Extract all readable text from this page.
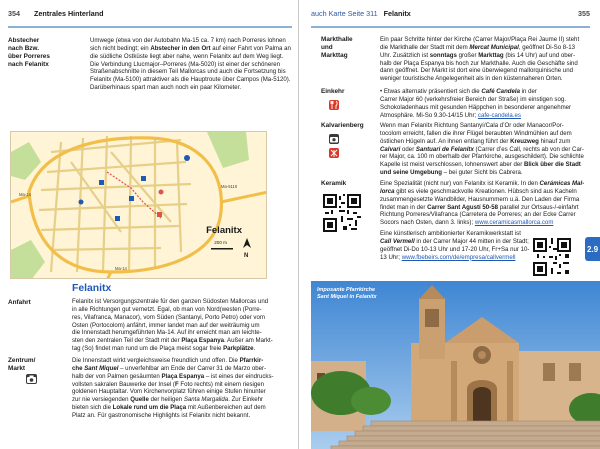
354 Zentrales Hinterland
Abstecher
nach Bzw.
über Porreres
nach Felanitx
Umwege (etwa von der Autobahn Ma-15 ca. 7 km) nach Porreres lohnen
sich nicht bedingt; ein Abstecher in den Ort auf einer Fahrt von Palma an
die südliche Ostküste liegt aber nahe, wenn Felanitx auf dem Weg liegt.
Die Verbindung Llucmajor–Porreres (Ma-5020) ist einer der schöneren
Straßenabschnitte in diesem Teil Mallorcas und auch die Fortsetzung bis
Felanitx (Ma-5100) attraktiver als die Hauptroute über Campos (Ma-5120).
Darüberhinaus spart man auch noch ein paar Kilometer.
N
Felanitx
200 m
Ma-14
Ma-5110
Ma-14
Felanitx
Anfahrt	Felanitx ist Versorgungszentrale für den ganzen Südosten Mallorcas und
in alle Richtungen gut vernetzt. Egal, ob man von Nord(westen (Porre-
res, Vilafranca, Manacor), vom Süden (Santanyi, Porto Petro) oder vom
Osten (Portocolom) anfährt, immer landet man auf der weiträumig um
die Innenstadt herumgeführten Ma-14. Auf ihr erreicht man am leichte-
sten den zentralen Teil der Stadt mit der Plaça Espanya. Außer am Markt-
tag (So) findet man rund um die Plaça meist sogar freie Parkplätze.
Zentrum/
Markt
Die Innenstadt wirkt vergleichsweise freundlich und offen. Die Pfarrkir-
che Sant Miquel – unverfehlbar am Ende der Carrer 31 de Marzo ober-
halb der von Palmen gesäumten Plaça Espanya – ist eines der eindrucks-
vollsten sakralen Bauwerke der Insel (F Foto rechts) mit einem riesigen
goldenen Hauptaltar. Vom Kirchenvorplatz führen einige Stufen hinunter
zur nie versiegenden Quelle der heiligen Santa Margalida. Zur Einkehr
bieten sich die Lokale rund um die Plaça mit Außenbereichen auf dem
Platz an. Für gastronomische Highlights ist Felanitx nicht bekannt.
auch Karte Seite 311 Felanitx	355
Markthalle
und
Markttag
Ein paar Schritte hinter der Kirche (Carrer Major/Plaça Rei Jaume II) steht
die Markthalle der Stadt mit dem Mercat Municipal, geöffnet Di-So 8-13
Uhr. Zusätzlich ist sonntags großer Markttag (bis 14 Uhr) auf und ober-
halb der Plaça Espanya bis hoch zur Markthalle. Auch die Geschäfte sind
dann geöffnet. Der Markt ist dort eine überwiegend mallorquinische und
weniger touristische Angelegenheit als in den küstennaheren Orten.
Einkehr	• Etwas alternativ präsentiert sich die Café Candela in der
Carrer Major 60 (verkehrsfreier Bereich der Straße) im einstigen sog.
Schokoladenhaus mit gesunden Häppchen in besonderer angenehmer
Atmosphäre. Mi-So 9.30-14/15 Uhr; cafe-candela.es
Kalvarienberg	Wenn man Felanitx Richtung Santanyí/Cala d’Or oder Manacor/Por-
tocolom erreicht, fallen die ihrer Flügel beraubten Windmühlen auf dem
östlichen Hügeln auf. An ihnen entlang führt der Kreuzweg hinauf zum
Calvari oder Santuari de Felanitx (Carrer d’es Call, rechts ab von der Car-
rer Major, ca. 100 m oberhalb der Pfarrkirche, ausgeschildert). Die schlichte
Kapelle ist meist verschlossen, lohnenswert aber der Blick über die Stadt
und seine Umgebung – bei guter Sicht bis Cabrera.
Keramik	Eine Spezialität (nicht nur) von Felanitx ist Keramik. In den Cerámicas Mal-
lorca gibt es viele geschmackvolle Kreationen. Hübsch sind aus Kacheln
zusammengesetzte Wandbilder, Hausnummern u.ä. Den Laden der Firma
findet man in der Carrer Sant Agustí 50-58 parallel zur Ortsaus-/-einfahrt
Richtung Porreres/Vilafranca (Carretera de Porreres; an der Ecke Carrer
Socors nach Osten, dann 3. links); www.ceramicasmallorca.com
Eine künstlerisch ambitionierter Keramikwerkstatt ist
Call Vermell in der Carrer Major 44 mitten in der Stadt;
geöffnet Di-Do 10-13 Uhr und 17-20 Uhr, Fr+Sa nur 10-
13 Uhr; www.fbebeirs.com/de/empresa/callvermell
2.9
Imposante Pfarrkirche
Sant Miquel in Felanitx
